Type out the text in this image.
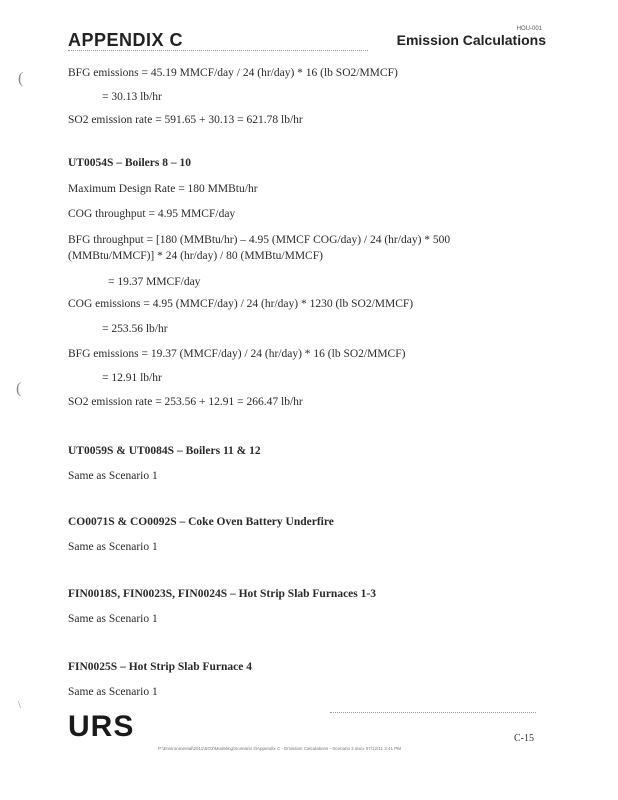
APPENDIX C
HOU-001
Emission Calculations
(
(
\
BFG emissions = 45.19 MMCF/day / 24 (hr/day) * 16 (lb SO2/MMCF)
= 30.13 lb/hr
SO2 emission rate = 591.65 + 30.13 = 621.78 lb/hr
UT0054S – Boilers 8 – 10
Maximum Design Rate = 180 MMBtu/hr
COG throughput = 4.95 MMCF/day
BFG throughput = [180 (MMBtu/hr) – 4.95 (MMCF COG/day) / 24 (hr/day) * 500
(MMBtu/MMCF)] * 24 (hr/day) / 80 (MMBtu/MMCF)
= 19.37 MMCF/day
COG emissions = 4.95 (MMCF/day) / 24 (hr/day) * 1230 (lb SO2/MMCF)
= 253.56 lb/hr
BFG emissions = 19.37 (MMCF/day) / 24 (hr/day) * 16 (lb SO2/MMCF)
= 12.91 lb/hr
SO2 emission rate = 253.56 + 12.91 = 266.47 lb/hr
UT0059S & UT0084S – Boilers 11 & 12
Same as Scenario 1
CO0071S & CO0092S – Coke Oven Battery Underfire
Same as Scenario 1
FIN0018S, FIN0023S, FIN0024S – Hot Strip Slab Furnaces 1-3
Same as Scenario 1
FIN0025S – Hot Strip Slab Furnace 4
Same as Scenario 1
URS	C-15
P:\Environmental\2011\SO2\Modeling\Scenario 2\Appendix C - Emission Calculations - Scenario 2.docx 07/12/11 3:41 PM
